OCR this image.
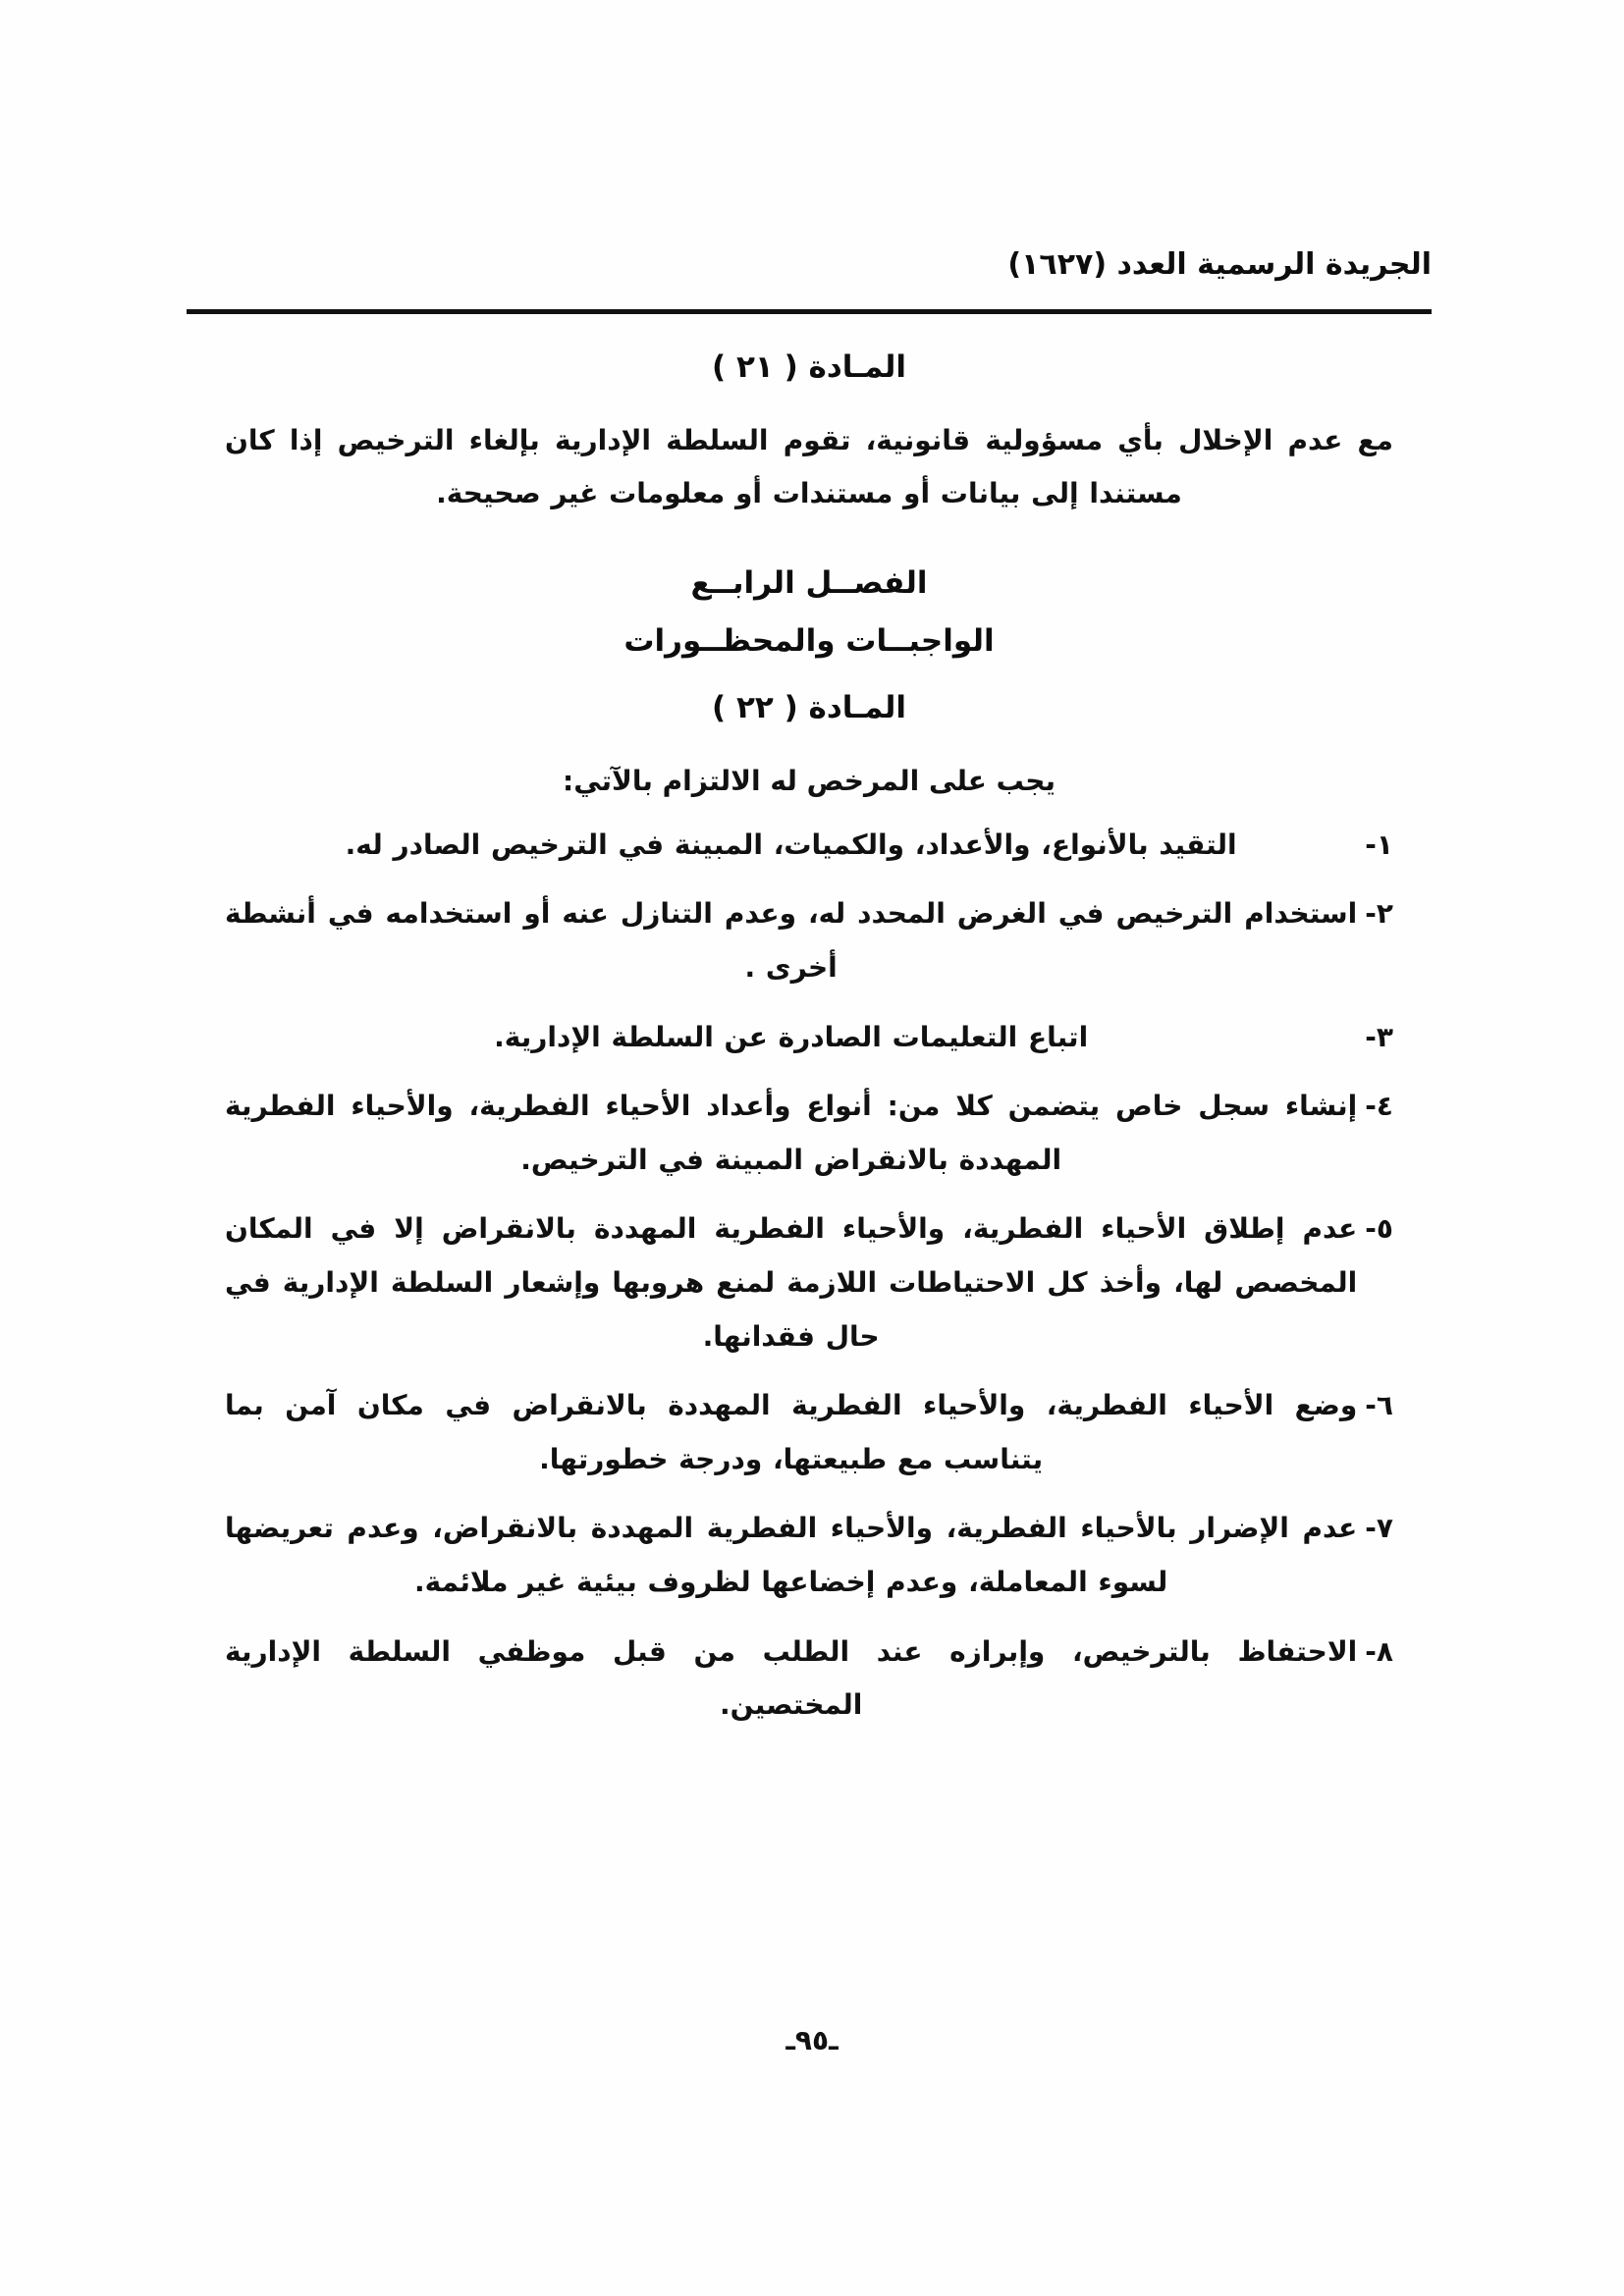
الجريدة الرسمية العدد (١٦٢٧)
المـادة ( ٢١ )

مع عدم الإخلال بأي مسؤولية قانونية، تقوم السلطة الإدارية بإلغاء الترخيص إذا كان مستندا إلى بيانات أو مستندات أو معلومات غير صحيحة.

الفصــل الرابــع
الواجبــات والمحظــورات
المـادة ( ٢٢ )
يجب على المرخص له الالتزام بالآتي:
١-
التقيد بالأنواع، والأعداد، والكميات، المبينة في الترخيص الصادر له.
٢-
استخدام الترخيص في الغرض المحدد له، وعدم التنازل عنه أو استخدامه في أنشطة أخرى .
٣-
اتباع التعليمات الصادرة عن السلطة الإدارية.
٤-
إنشاء سجل خاص يتضمن كلا من: أنواع وأعداد الأحياء الفطرية، والأحياء الفطرية المهددة بالانقراض المبينة في الترخيص.
٥-
عدم إطلاق الأحياء الفطرية، والأحياء الفطرية المهددة بالانقراض إلا في المكان المخصص لها، وأخذ كل الاحتياطات اللازمة لمنع هروبها وإشعار السلطة الإدارية في حال فقدانها.
٦-
وضع الأحياء الفطرية، والأحياء الفطرية المهددة بالانقراض في مكان آمن بما يتناسب مع طبيعتها، ودرجة خطورتها.
٧-
عدم الإضرار بالأحياء الفطرية، والأحياء الفطرية المهددة بالانقراض، وعدم تعريضها لسوء المعاملة، وعدم إخضاعها لظروف بيئية غير ملائمة.
٨-
الاحتفاظ بالترخيص، وإبرازه عند الطلب من قبل موظفي السلطة الإدارية المختصين.
ـ٩٥ـ
